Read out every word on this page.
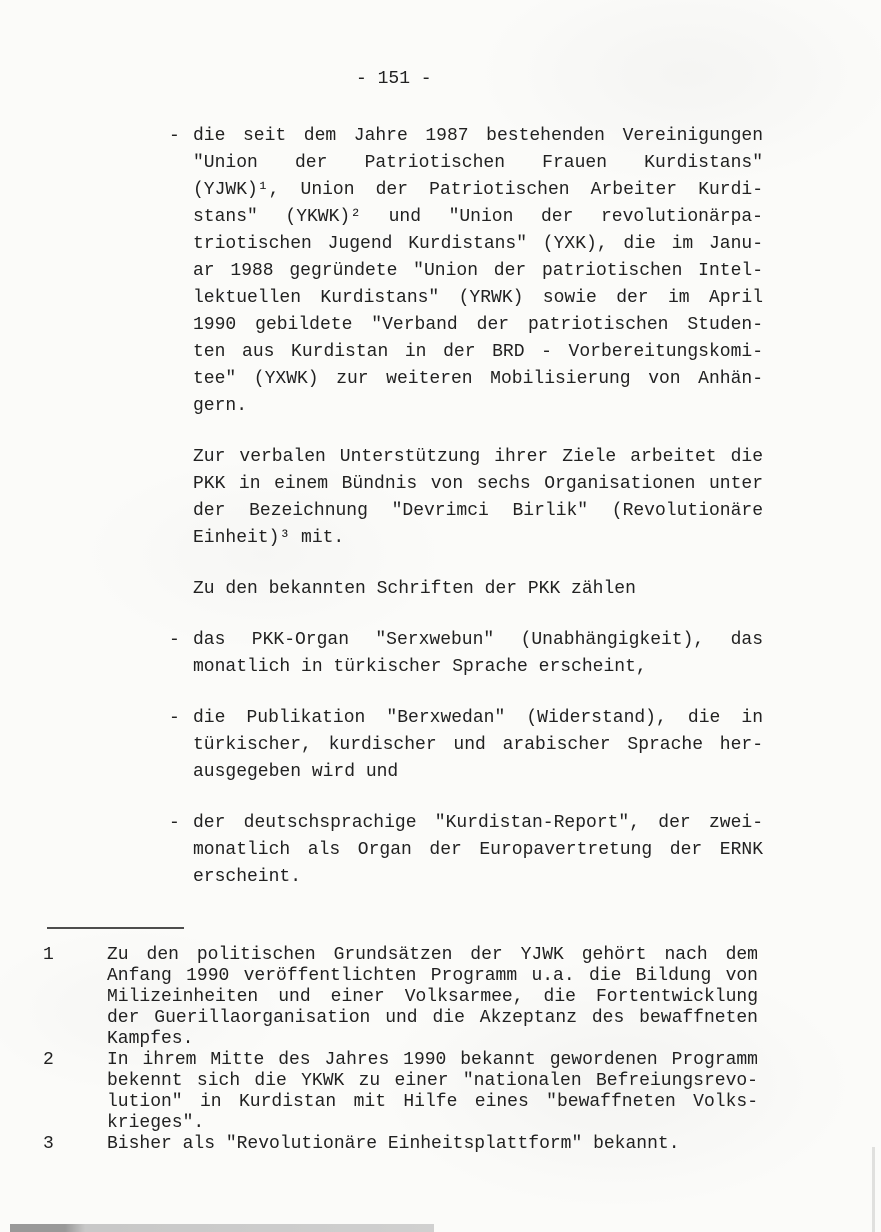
- 151 -
- die seit dem Jahre 1987 bestehenden Vereinigungen
"Union der Patriotischen Frauen Kurdistans"
(YJWK)¹, Union der Patriotischen Arbeiter Kurdi-
stans" (YKWK)² und "Union der revolutionärpa-
triotischen Jugend Kurdistans" (YXK), die im Janu-
ar 1988 gegründete "Union der patriotischen Intel-
lektuellen Kurdistans" (YRWK) sowie der im April
1990 gebildete "Verband der patriotischen Studen-
ten aus Kurdistan in der BRD - Vorbereitungskomi-
tee" (YXWK) zur weiteren Mobilisierung von Anhän-
gern.
Zur verbalen Unterstützung ihrer Ziele arbeitet die
PKK in einem Bündnis von sechs Organisationen unter
der Bezeichnung "Devrimci Birlik" (Revolutionäre
Einheit)³ mit.
Zu den bekannten Schriften der PKK zählen
- das PKK-Organ "Serxwebun" (Unabhängigkeit), das
monatlich in türkischer Sprache erscheint,
- die Publikation "Berxwedan" (Widerstand), die in
türkischer, kurdischer und arabischer Sprache her-
ausgegeben wird und
- der deutschsprachige "Kurdistan-Report", der zwei-
monatlich als Organ der Europavertretung der ERNK
erscheint.
1	Zu den politischen Grundsätzen der YJWK gehört nach dem
Anfang 1990 veröffentlichten Programm u.a. die Bildung von
Milizeinheiten und einer Volksarmee, die Fortentwicklung
der Guerillaorganisation und die Akzeptanz des bewaffneten
Kampfes.
2	In ihrem Mitte des Jahres 1990 bekannt gewordenen Programm
bekennt sich die YKWK zu einer "nationalen Befreiungsrevo-
lution" in Kurdistan mit Hilfe eines "bewaffneten Volks-
krieges".
3	Bisher als "Revolutionäre Einheitsplattform" bekannt.
